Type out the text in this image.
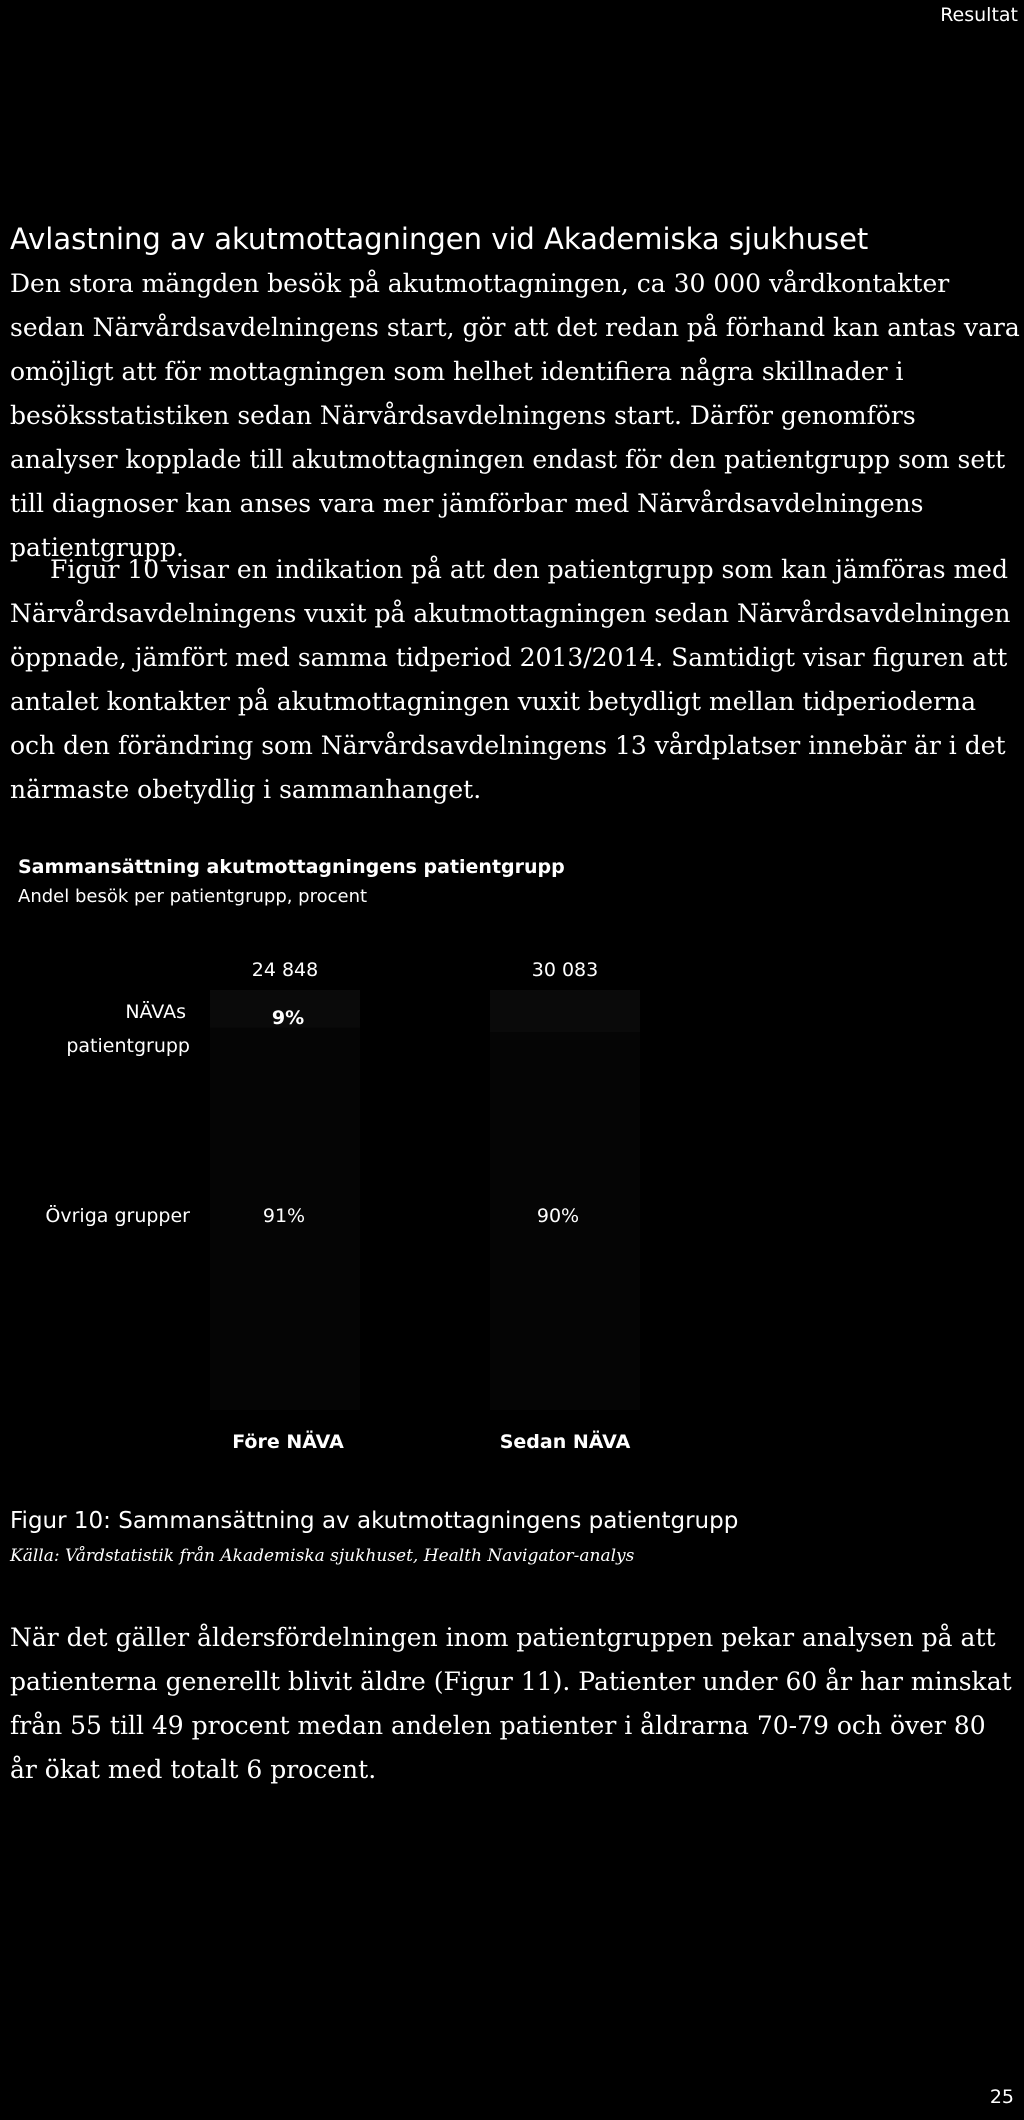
Resultat
Avlastning av akutmottagningen vid Akademiska sjukhuset
Den stora mängden besök på akutmottagningen, ca 30 000 vårdkontakter sedan Närvårdsavdelningens start, gör att det redan på förhand kan antas vara omöjligt att för mottagningen som helhet identifiera några skillnader i besöksstatistiken sedan Närvårdsavdelningens start. Därför genomförs analyser kopplade till akutmottagningen endast för den patientgrupp som sett till diagnoser kan anses vara mer jämförbar med Närvårdsavdelningens patientgrupp.
Figur 10 visar en indikation på att den patientgrupp som kan jämföras med Närvårdsavdelningens vuxit på akutmottagningen sedan Närvårdsavdelningen öppnade, jämfört med samma tidperiod 2013/2014. Samtidigt visar figuren att antalet kontakter på akutmottagningen vuxit betydligt mellan tidperioderna och den förändring som Närvårdsavdelningens 13 vårdplatser innebär är i det närmaste obetydlig i sammanhanget.
Sammansättning akutmottagningens patientgrupp
Andel besök per patientgrupp, procent
24 848	30 083
NÄVAs
patientgrupp
9%
Övriga grupper	91%	90%
Före NÄVA	Sedan NÄVA
Figur 10: Sammansättning av akutmottagningens patientgrupp
Källa: Vårdstatistik från Akademiska sjukhuset, Health Navigator-analys
När det gäller åldersfördelningen inom patientgruppen pekar analysen på att patienterna generellt blivit äldre (Figur 11). Patienter under 60 år har minskat från 55 till 49 procent medan andelen patienter i åldrarna 70-79 och över 80 år ökat med totalt 6 procent.
25
